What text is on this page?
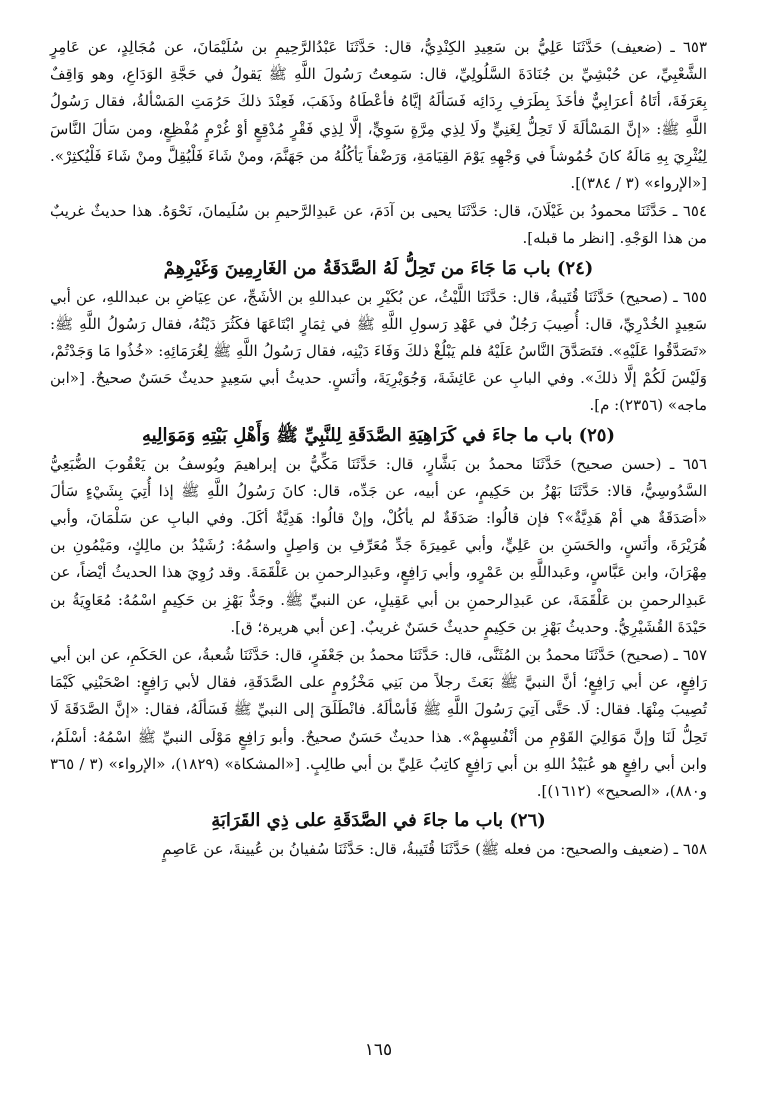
٦٥٣ ـ (ضعيف) حَدَّثَنَا عَلِيُّ بن سَعِيدِ الكِنْدِيُّ، قال: حَدَّثَنَا عَبْدُالرَّحِيمِ بن سُلَيْمَانَ، عن مُجَالِدٍ، عن عَامِرٍ الشَّعْبِيِّ، عن حُبْشِيِّ بن جُنَادَةَ السَّلُولِيِّ، قال: سَمِعتُ رَسُولَ اللَّهِ ﷺ يَقولُ في حَجَّةِ الوَدَاعِ، وهو وَاقِفٌ بِعَرَفَةَ، أتَاهُ أعرَابِيٌّ فأخَذَ بِطَرَفِ رِدَائِه فَسَألَهُ إيَّاهُ فأعْطَاهُ وذَهَبَ، فَعِنْدَ ذلكَ حَرُمَتِ المَسْألةُ، فقال رَسُولُ اللَّهِ ﷺ: «إنَّ المَسْألَةَ لَا تَحِلُّ لِغَنِيٍّ ولَا لِذِي مِرَّةٍ سَوِيٍّ، إلَّا لِذِي فَقْرٍ مُدْقِعٍ أوْ غُرْمٍ مُفْظِعٍ، ومن سَألَ النَّاسَ لِيُثْرِيَ بِهِ مَالَهُ كانَ خُمُوشاً في وَجْهِهِ يَوْمَ القِيَامَةِ، وَرَضْفاً يَأكُلُهُ من جَهَنَّمَ، ومنْ شَاءَ فَلْيُقِلَّ ومنْ شَاءَ فَلْيُكثِرْ». [«الإرواء» (٣ / ٣٨٤)].

٦٥٤ ـ حَدَّثَنَا محمودُ بن غَيْلَانَ، قال: حَدَّثَنَا يحيى بن آدَمَ، عن عَبدِالرَّحيمِ بن سُلَيمانَ، نَحْوَهُ. هذا حديثٌ غريبٌ من هذا الوَجْهِ. [انظر ما قبله].

(٢٤) باب مَا جَاءَ من تَحِلُّ لَهُ الصَّدَقَةُ من الغَارِمِينَ وَغَيْرِهِمْ

٦٥٥ ـ (صحيح) حَدَّثَنَا قُتَيبةُ، قال: حَدَّثَنَا اللَّيْثُ، عن بُكَيْرِ بن عبداللهِ بن الأشَجِّ، عن عِيَاضِ بن عبداللهِ، عن أبي سَعِيدٍ الخُدْرِيِّ، قال: أُصِيبَ رَجُلٌ في عَهْدِ رَسولِ اللَّهِ ﷺ في ثِمَارٍ ابْتَاعَهَا فكَثُرَ دَيْنُهُ، فقال رَسُولُ اللَّهِ ﷺ: «تَصَدَّقُوا عَلَيْهِ». فتَصَدَّقَ النَّاسُ عَلَيْهُ فلم يَبْلُغْ ذلكَ وَفَاءَ دَيْنِه، فقال رَسُولُ اللَّهِ ﷺ لِغُرَمَائِهِ: «خُذُوا مَا وَجَدْتُمْ، وَلَيْسَ لَكُمْ إلَّا ذلكَ». وفي البابِ عن عَائِشَةَ، وَجُوَيْرِيَةَ، وأنَسٍ. حديثُ أبي سَعِيدٍ حديثٌ حَسَنٌ صحيحٌ. [«ابن ماجه» (٢٣٥٦): م].

(٢٥) باب ما جاءَ في كَرَاهِيَةِ الصَّدَقَةِ لِلنَّبِيِّ ﷺ وَأَهْلِ بَيْتِهِ وَمَوَالِيهِ

٦٥٦ ـ (حسن صحيح) حَدَّثَنَا محمدُ بن بَشَّارٍ، قال: حَدَّثَنَا مَكِّيُّ بن إبراهيمَ ويُوسفُ بن يَعْقُوبَ الضُّبَعِيُّ السَّدُوسِيُّ، قالا: حَدَّثَنَا بَهْزُ بن حَكِيمٍ، عن أبيه، عن جَدِّه، قال: كانَ رَسُولُ اللَّهِ ﷺ إذا أُتِيَ بِشَيْءٍ سَألَ «أصَدَقَةٌ هي أمْ هَدِيَّةٌ»؟ فإن قالُوا: صَدَقَةٌ لم يأكُلْ، وإنْ قالُوا: هَدِيَّةٌ أكَلَ. وفي البابِ عن سَلْمَانَ، وأبي هُرَيْرَةَ، وأنَسٍ، والحَسَنِ بن عَلِيٍّ، وأبي عَمِيرَةَ جَدِّ مُعَرِّفِ بن وَاصِلٍ واسمُهُ: رُشَيْدُ بن مالِكٍ، ومَيْمُونِ بن مِهْرَانَ، وابن عَبَّاسٍ، وعَبداللَّهِ بن عَمْرٍو، وأبي رَافِعٍ، وعَبدِالرحمنِ بن عَلْقَمَةَ. وقد رُوِيَ هذا الحديثُ أيْضاً، عن عَبدِالرحمنِ بن عَلْقَمَةَ، عن عَبدِالرحمنِ بن أبي عَقِيلٍ، عن النبيِّ ﷺ. وجَدُّ بَهْزِ بن حَكِيمٍ اسْمُهُ: مُعَاوِيَةُ بن حَيْدَةَ القُشَيْرِيُّ. وحديثُ بَهْزِ بن حَكِيمٍ حديثٌ حَسَنٌ غريبٌ. [عن أبي هريرة؛ ق].

٦٥٧ ـ (صحيح) حَدَّثَنَا محمدُ بن المُثَنَّى، قال: حَدَّثَنَا محمدُ بن جَعْفَرٍ، قال: حَدَّثَنَا شُعبةُ، عن الحَكَمِ، عن ابن أبي رَافِعٍ، عن أبي رَافِعٍ؛ أنَّ النبيَّ ﷺ بَعَثَ رجلاً من بَنِي مَخْزُومٍ على الصَّدَقَةِ، فقال لأبي رَافِعٍ: اصْحَبْنِي كَيْمَا تُصِيبَ مِنْهَا. فقال: لَا. حَتَّى آتِيَ رَسُولَ اللَّهِ ﷺ فَأسْألَهُ. فانْطَلَقَ إلى النبيِّ ﷺ فَسَألَهُ، فقال: «إنَّ الصَّدَقَةَ لَا تَحِلُّ لَنَا وإنَّ مَوَالِيَ القَوْمِ من أنْفُسِهِمْ». هذا حديثٌ حَسَنٌ صحيحٌ. وأبو رَافِعٍ مَوْلَى النبيِّ ﷺ اسْمُهُ: أسْلَمُ، وابن أبي رافِعٍ هو عُبَيْدُ اللهِ بن أبي رَافِعٍ كاتِبُ عَلِيِّ بن أبي طالِبٍ. [«المشكاة» (١٨٢٩)، «الإرواء» (٣ / ٣٦٥ و٨٨٠)، «الصحيح» (١٦١٢)].

(٢٦) باب ما جاءَ في الصَّدَقَةِ على ذِي القَرَابَةِ

٦٥٨ ـ (ضعيف والصحيح: من فعله ﷺ) حَدَّثَنَا قُتَيبةُ، قال: حَدَّثَنَا سُفيانُ بن عُيينةَ، عن عَاصِمٍ

١٦٥
